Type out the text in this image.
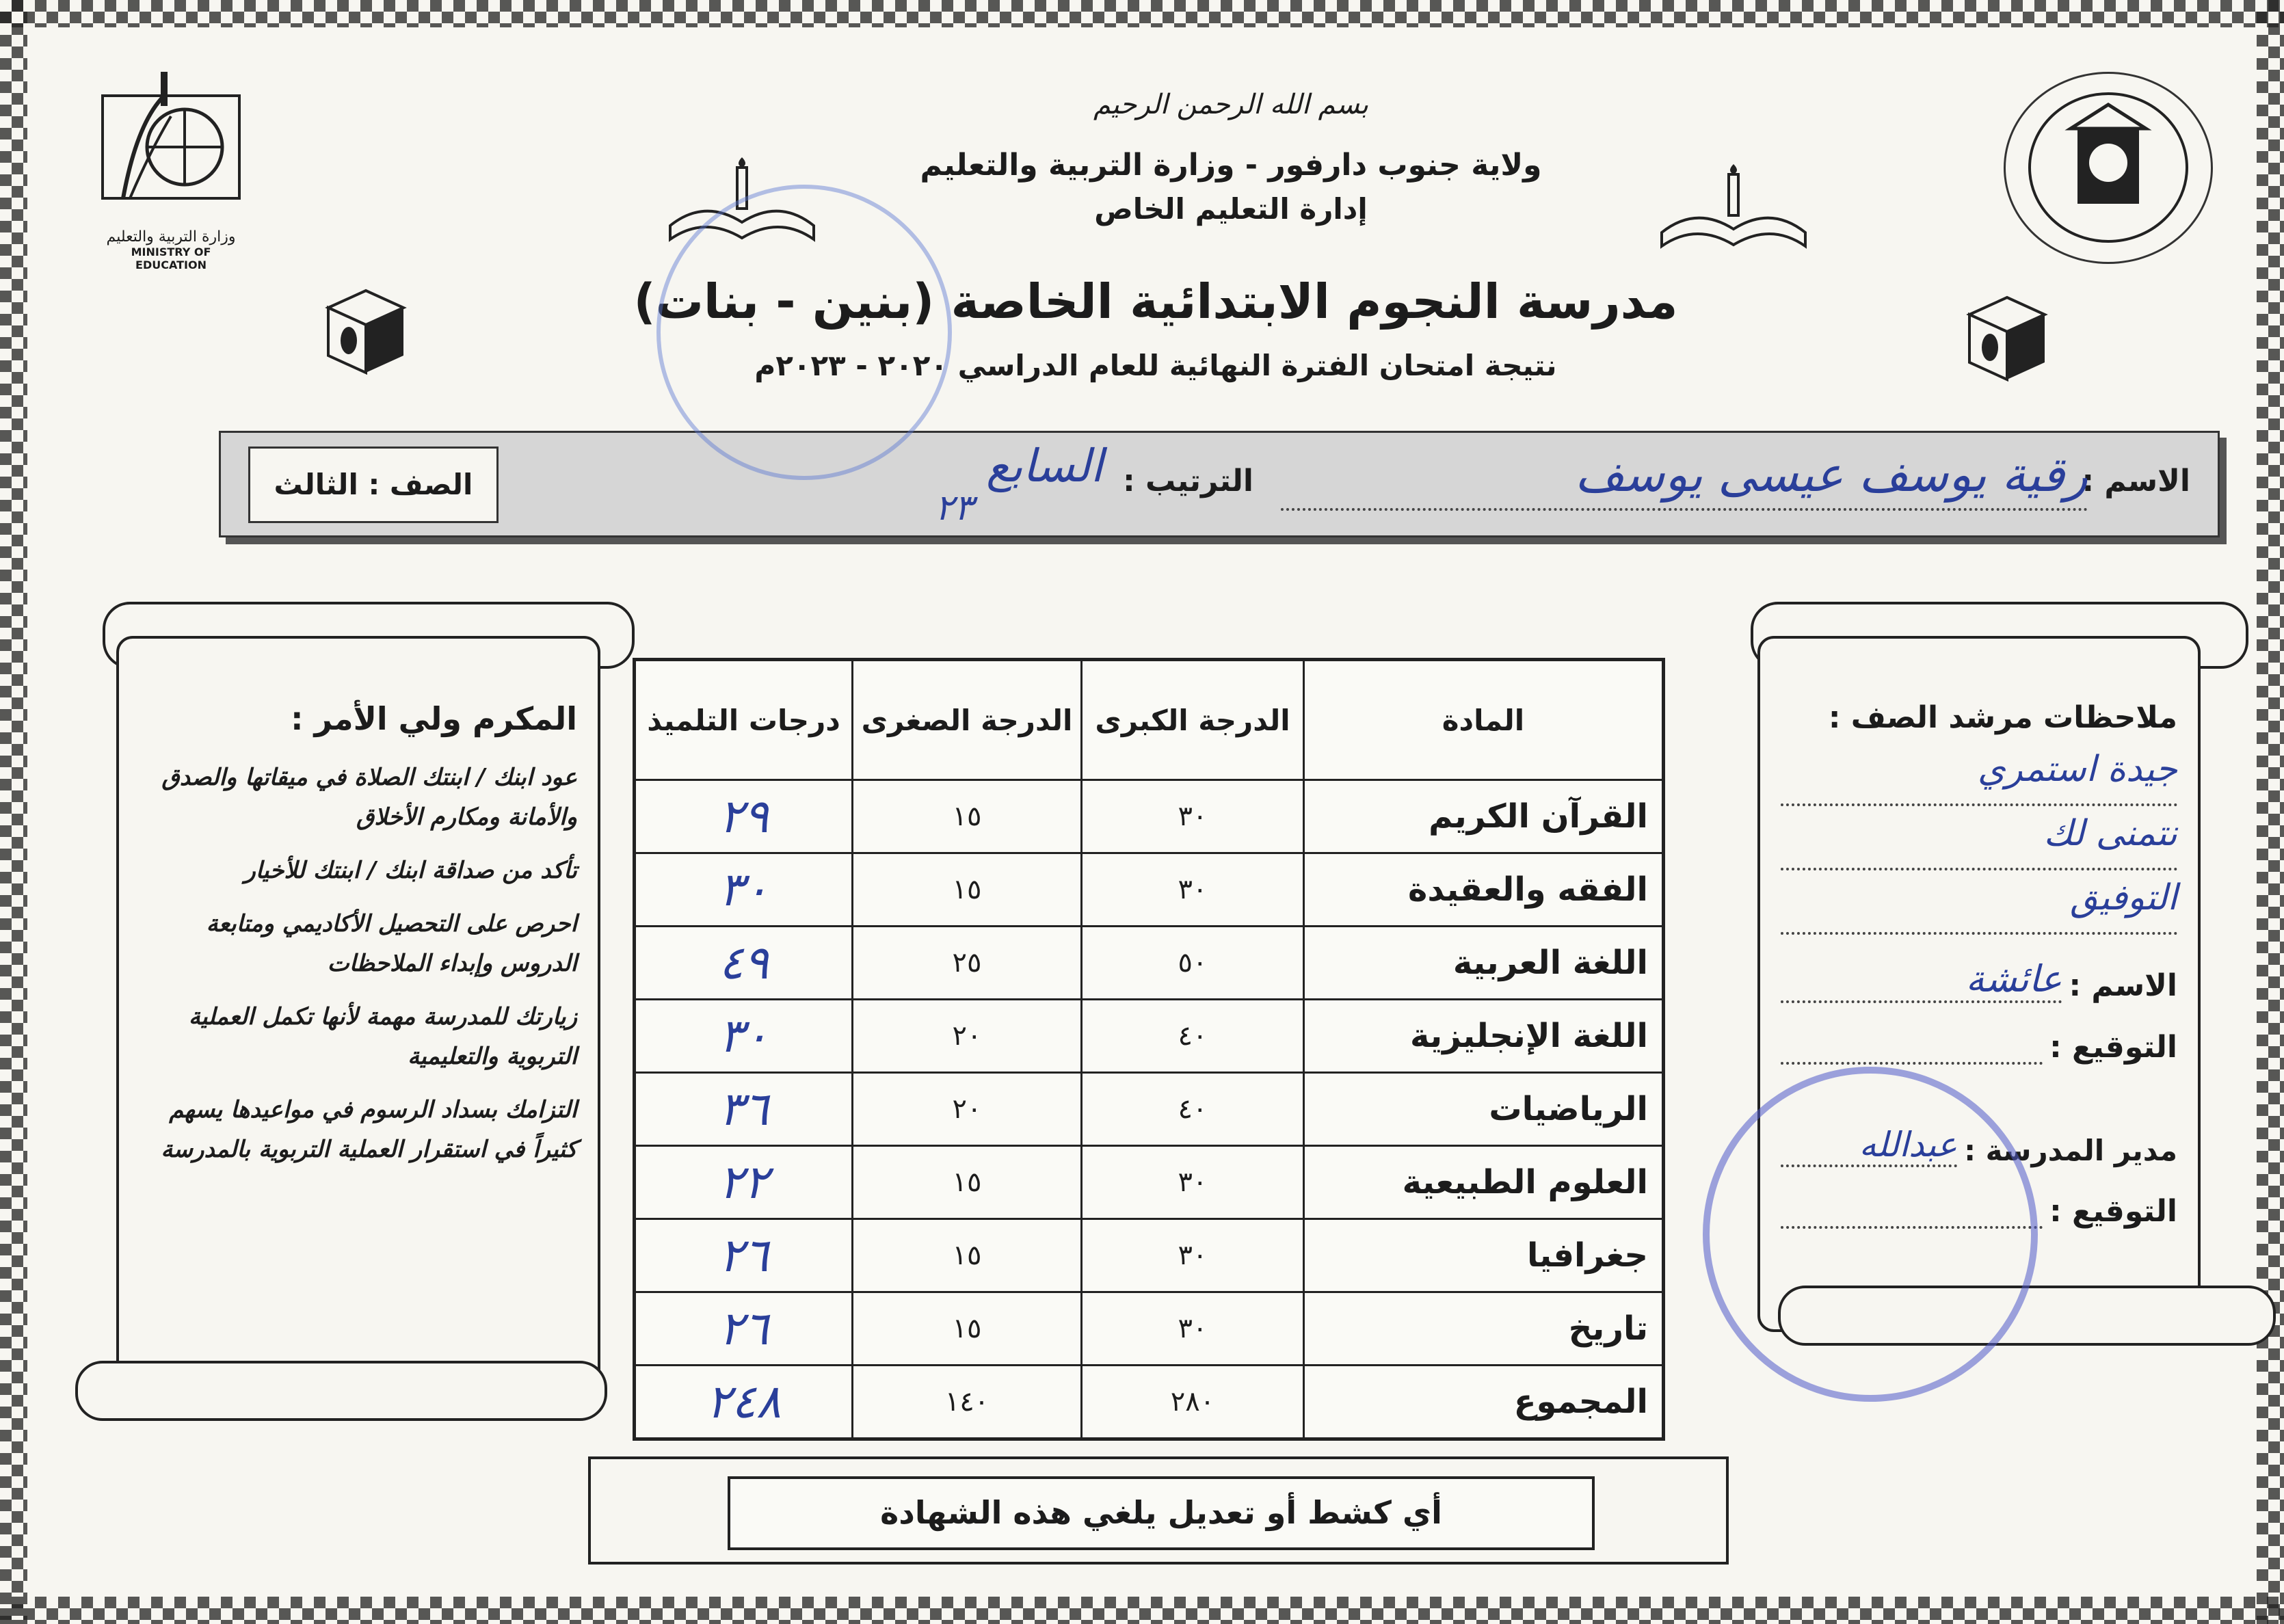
وزارة التربية والتعليم
MINISTRY OF EDUCATION
بسم الله الرحمن الرحيم
ولاية جنوب دارفور - وزارة التربية والتعليم
إدارة التعليم الخاص
مدرسة النجوم الابتدائية الخاصة (بنين - بنات)
نتيجة امتحان الفترة النهائية للعام الدراسي ٢٠٢٠ - ٢٠٢٣م
الاسم :
رقية يوسف عيسى يوسف
الترتيب :
السابع
٢٣
الصف : الثالث
المكرم ولي الأمر :
عود ابنك / ابنتك الصلاة في ميقاتها والصدق والأمانة ومكارم الأخلاق
تأكد من صداقة ابنك / ابنتك للأخيار
احرص على التحصيل الأكاديمي ومتابعة الدروس وإبداء الملاحظات
زيارتك للمدرسة مهمة لأنها تكمل العملية التربوية والتعليمية
التزامك بسداد الرسوم في مواعيدها يسهم كثيراً في استقرار العملية التربوية بالمدرسة
المادة	الدرجة الكبرى	الدرجة الصغرى	درجات التلميذ
القرآن الكريم	٣٠	١٥	٢٩
الفقه والعقيدة	٣٠	١٥	٣٠
اللغة العربية	٥٠	٢٥	٤٩
اللغة الإنجليزية	٤٠	٢٠	٣٠
الرياضيات	٤٠	٢٠	٣٦
العلوم الطبيعية	٣٠	١٥	٢٢
جغرافيا	٣٠	١٥	٢٦
تاريخ	٣٠	١٥	٢٦
المجموع	٢٨٠	١٤٠	٢٤٨
ملاحظات مرشد الصف :
جيدة استمري
نتمنى لك
التوفيق
الاسم :
عائشة
التوقيع :
مدير المدرسة :
عبدالله
التوقيع :
أي كشط أو تعديل يلغي هذه الشهادة
